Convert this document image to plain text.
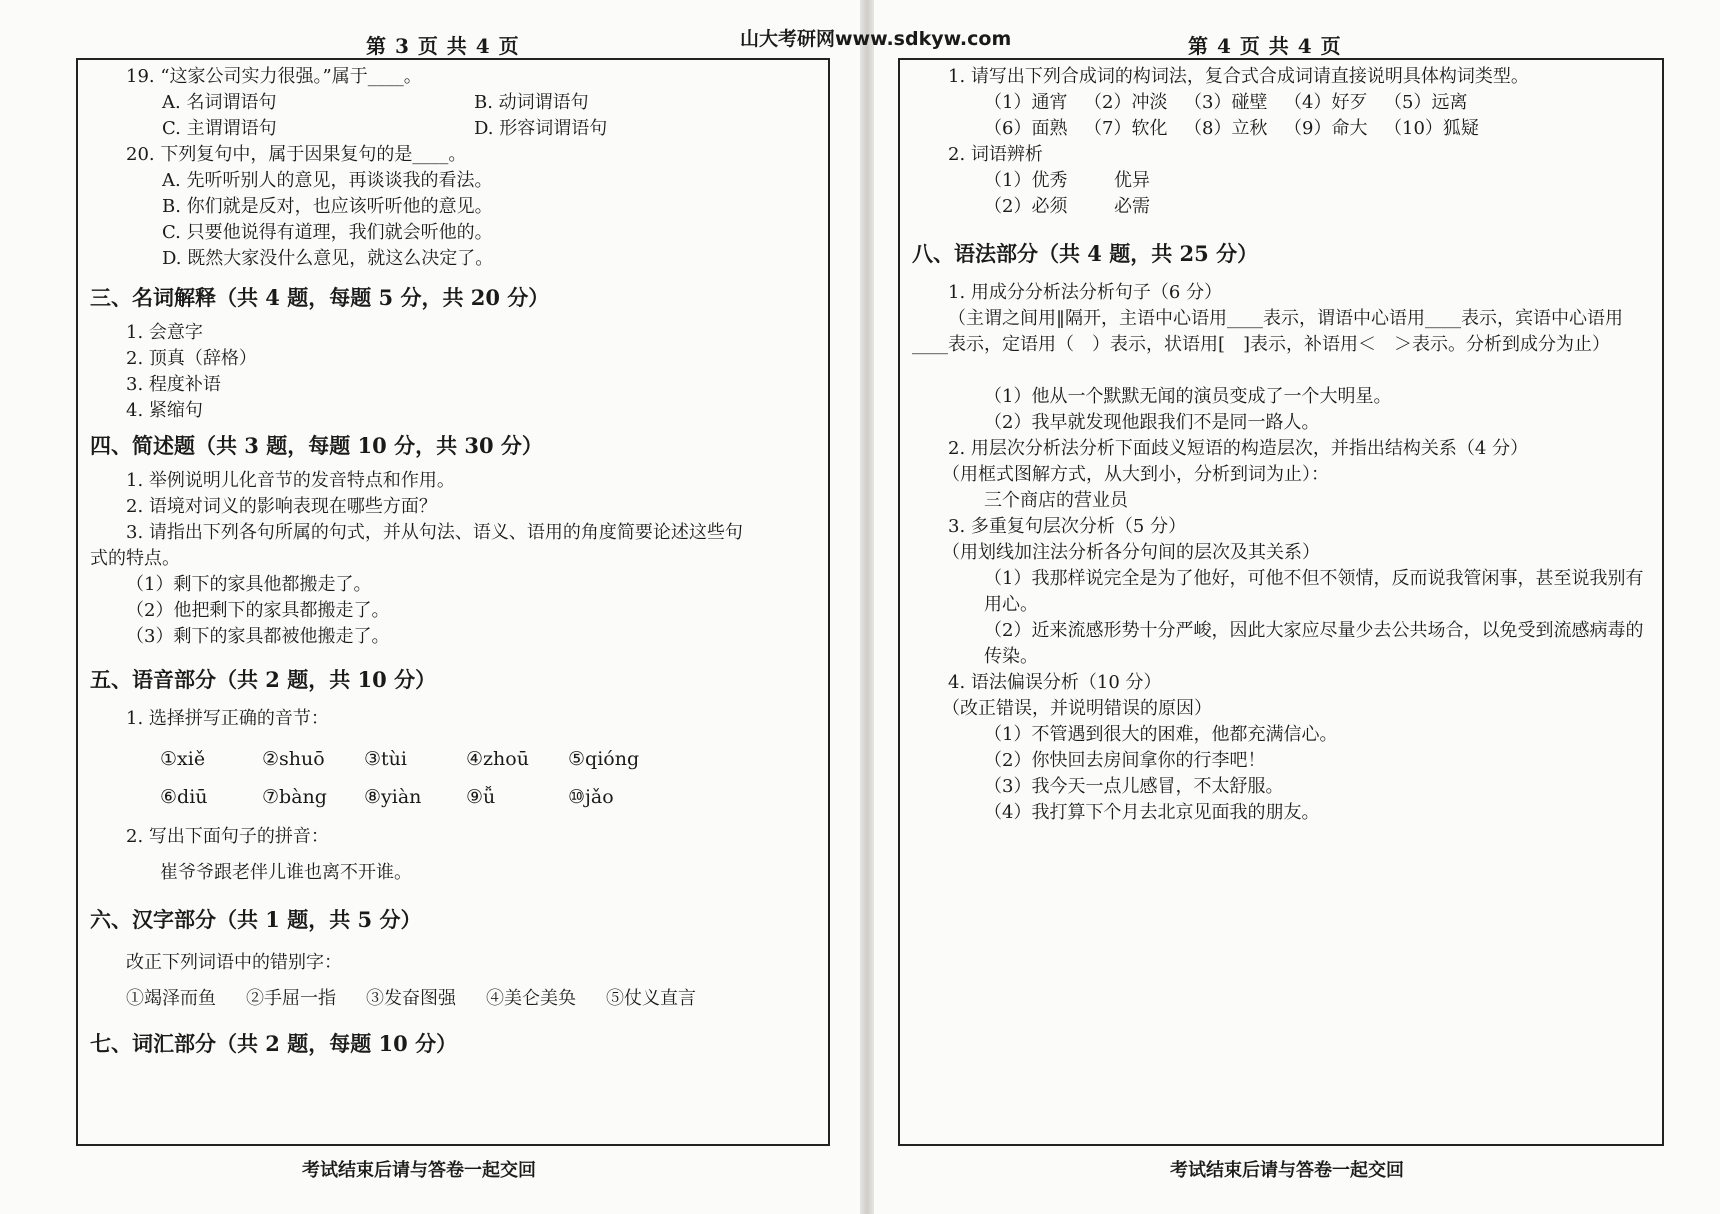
第 3 页 共 4 页	山大考研网www.sdkyw.com	第 4 页 共 4 页
19. “这家公司实力很强。”属于____。
A. 名词谓语句	B. 动词谓语句
C. 主谓谓语句	D. 形容词谓语句
20. 下列复句中，属于因果复句的是____。
A. 先听听别人的意见，再谈谈我的看法。
B. 你们就是反对，也应该听听他的意见。
C. 只要他说得有道理，我们就会听他的。
D. 既然大家没什么意见，就这么决定了。
三、名词解释（共 4 题，每题 5 分，共 20 分）
1. 会意字
2. 顶真（辞格）
3. 程度补语
4. 紧缩句
四、简述题（共 3 题，每题 10 分，共 30 分）
1. 举例说明儿化音节的发音特点和作用。
2. 语境对词义的影响表现在哪些方面？
3. 请指出下列各句所属的句式，并从句法、语义、语用的角度简要论述这些句
式的特点。
（1）剩下的家具他都搬走了。
（2）他把剩下的家具都搬走了。
（3）剩下的家具都被他搬走了。
五、语音部分（共 2 题，共 10 分）
1. 选择拼写正确的音节：
①xiě	②shuō	③tùi	④zhoū	⑤qióng
⑥diū	⑦bàng	⑧yiàn	⑨ǚ	⑩jǎo
2. 写出下面句子的拼音：
崔爷爷跟老伴儿谁也离不开谁。
六、汉字部分（共 1 题，共 5 分）
改正下列词语中的错别字：
①竭泽而鱼 ②手屈一指 ③发奋图强 ④美仑美奂 ⑤仗义直言
七、词汇部分（共 2 题，每题 10 分）
考试结束后请与答卷一起交回
1. 请写出下列合成词的构词法，复合式合成词请直接说明具体构词类型。
（1）通宵 （2）冲淡 （3）碰壁 （4）好歹 （5）远离
（6）面熟 （7）软化 （8）立秋 （9）命大 （10）狐疑
2. 词语辨析
（1）优秀	优异
（2）必须	必需
八、语法部分（共 4 题，共 25 分）
1. 用成分分析法分析句子（6 分）
（主谓之间用‖隔开，主语中心语用____表示，谓语中心语用____表示，宾语中心语用____表示，定语用（　）表示，状语用[　]表示，补语用＜　＞表示。分析到成分为止）
（1）他从一个默默无闻的演员变成了一个大明星。
（2）我早就发现他跟我们不是同一路人。
2. 用层次分析法分析下面歧义短语的构造层次，并指出结构关系（4 分）
（用框式图解方式，从大到小，分析到词为止）：
三个商店的营业员
3. 多重复句层次分析（5 分）
（用划线加注法分析各分句间的层次及其关系）
（1）我那样说完全是为了他好，可他不但不领情，反而说我管闲事，甚至说我别有用心。
（2）近来流感形势十分严峻，因此大家应尽量少去公共场合，以免受到流感病毒的传染。
4. 语法偏误分析（10 分）
（改正错误，并说明错误的原因）
（1）不管遇到很大的困难，他都充满信心。
（2）你快回去房间拿你的行李吧！
（3）我今天一点儿感冒，不太舒服。
（4）我打算下个月去北京见面我的朋友。
考试结束后请与答卷一起交回
